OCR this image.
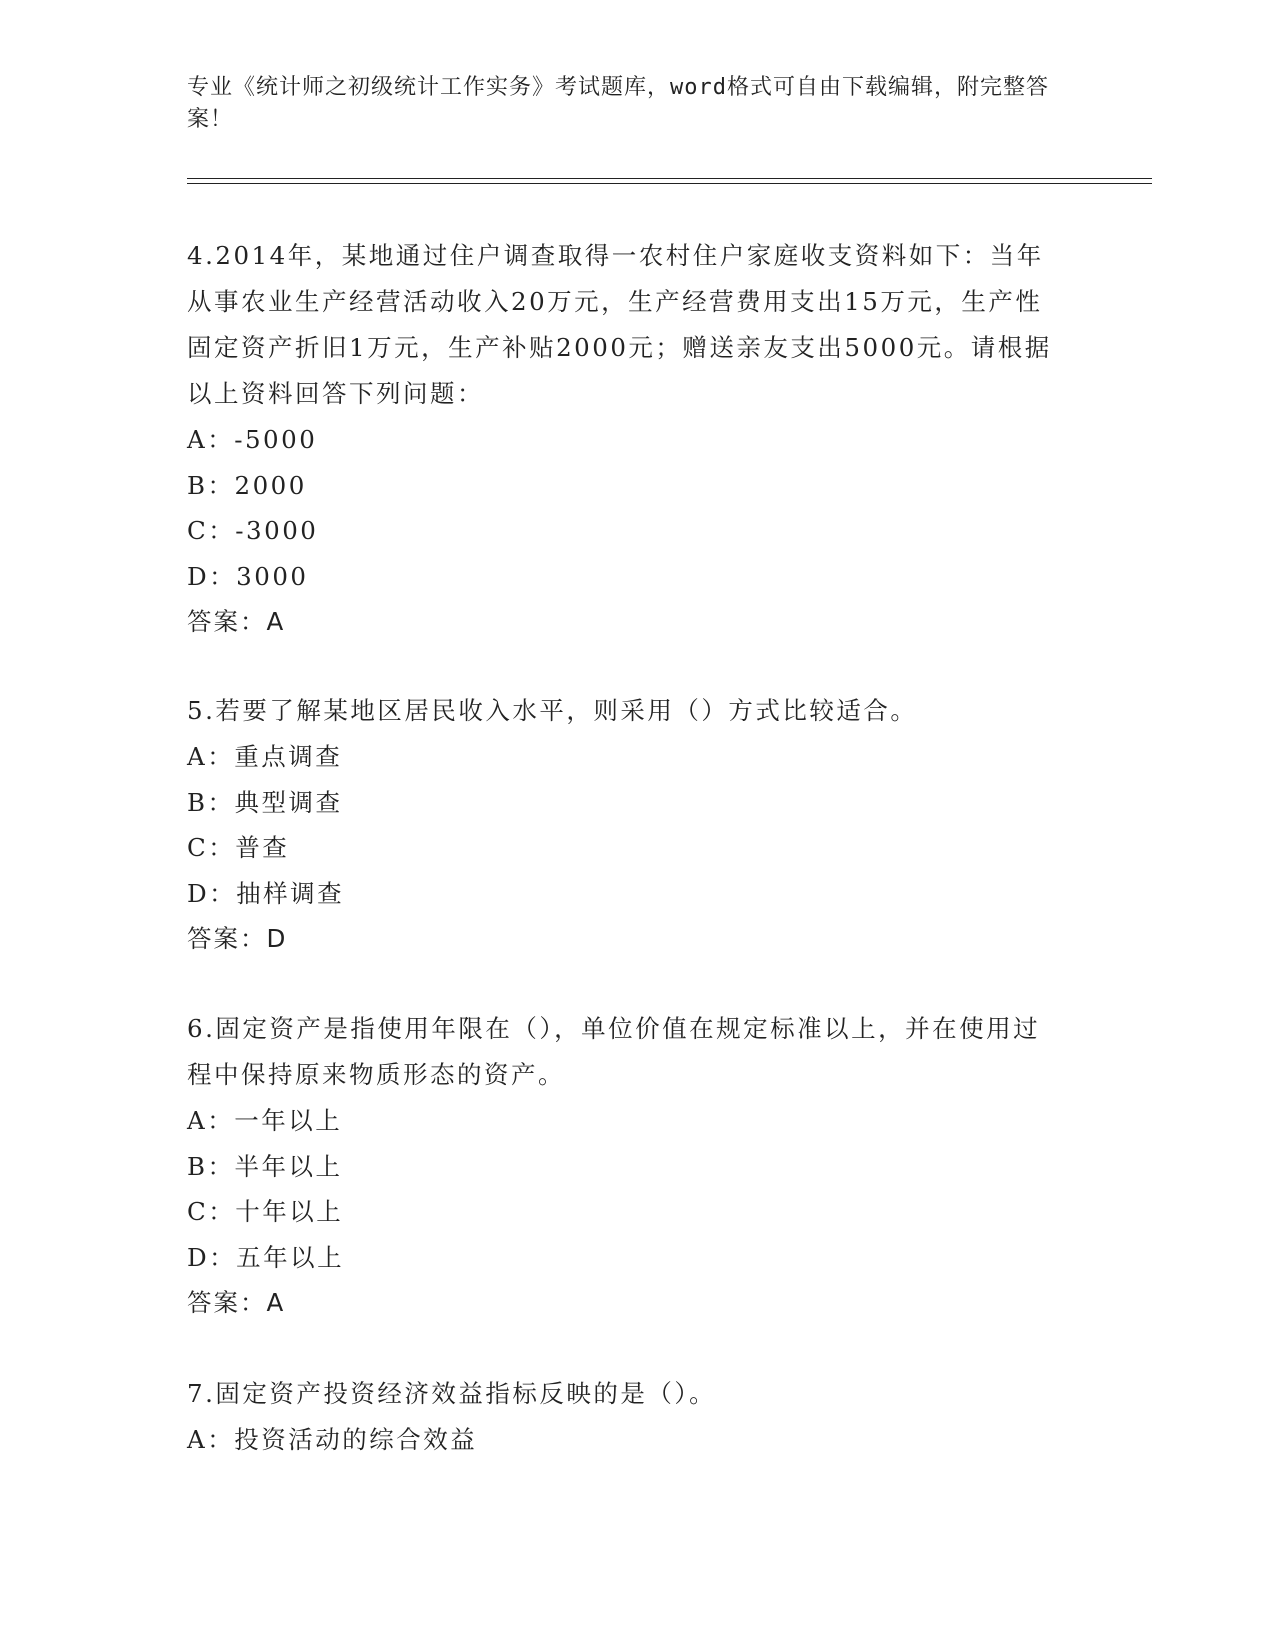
专业《统计师之初级统计工作实务》考试题库，word格式可自由下载编辑，附完整答案！

4.2014年，某地通过住户调查取得一农村住户家庭收支资料如下：当年从事农业生产经营活动收入20万元，生产经营费用支出15万元，生产性固定资产折旧1万元，生产补贴2000元；赠送亲友支出5000元。请根据以上资料回答下列问题：

A：-5000

B：2000

C：-3000

D：3000

答案：A

5.若要了解某地区居民收入水平，则采用（）方式比较适合。

A：重点调查

B：典型调查

C：普查

D：抽样调查

答案：D

6.固定资产是指使用年限在（），单位价值在规定标准以上，并在使用过程中保持原来物质形态的资产。

A：一年以上

B：半年以上

C：十年以上

D：五年以上

答案：A

7.固定资产投资经济效益指标反映的是（）。

A：投资活动的综合效益
